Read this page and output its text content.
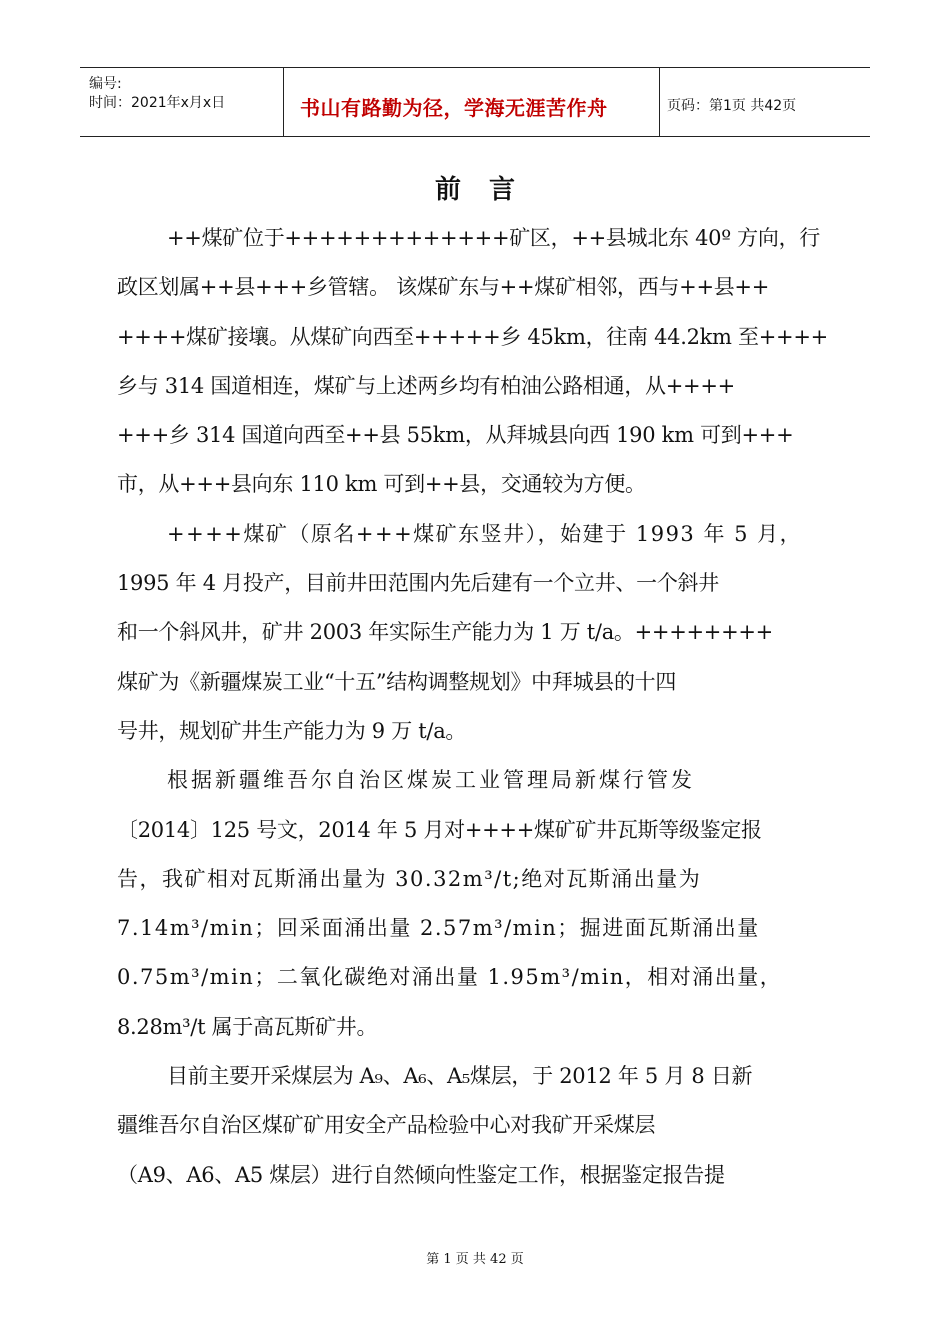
编号:
时间：2021年x月x日	书山有路勤为径，学海无涯苦作舟	页码：第1页 共42页
前言
++煤矿位于+++++++++++++矿区，++县城北东 40º 方向，行
政区划属++县+++乡管辖。 该煤矿东与++煤矿相邻，西与++县++
++++煤矿接壤。从煤矿向西至+++++乡 45km，往南 44.2km 至++++
乡与 314 国道相连，煤矿与上述两乡均有柏油公路相通，从++++
+++乡 314 国道向西至++县 55km，从拜城县向西 190 km 可到+++
市，从+++县向东 110 km 可到++县，交通较为方便。
++++煤矿（原名+++煤矿东竖井），始建于 1993 年 5 月，
1995 年 4 月投产，目前井田范围内先后建有一个立井、一个斜井
和一个斜风井，矿井 2003 年实际生产能力为 1 万 t/a。++++++++
煤矿为《新疆煤炭工业“十五”结构调整规划》中拜城县的十四
号井，规划矿井生产能力为 9 万 t/a。
根据新疆维吾尔自治区煤炭工业管理局新煤行管发
〔2014〕125 号文，2014 年 5 月对++++煤矿矿井瓦斯等级鉴定报
告，我矿相对瓦斯涌出量为 30.32m³/t;绝对瓦斯涌出量为
7.14m³/min；回采面涌出量 2.57m³/min；掘进面瓦斯涌出量
0.75m³/min；二氧化碳绝对涌出量 1.95m³/min，相对涌出量，
8.28m³/t 属于高瓦斯矿井。
目前主要开采煤层为 A₉、A₆、A₅煤层，于 2012 年 5 月 8 日新
疆维吾尔自治区煤矿矿用安全产品检验中心对我矿开采煤层
（A9、A6、A5 煤层）进行自然倾向性鉴定工作，根据鉴定报告提
第 1 页 共 42 页
